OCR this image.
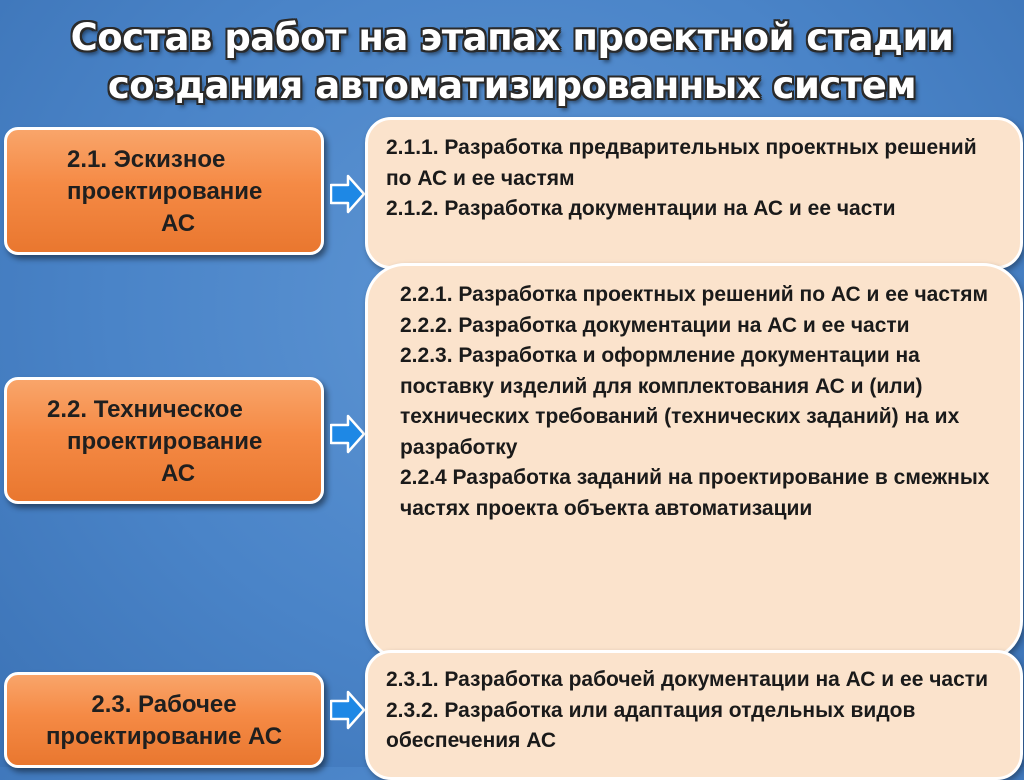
Состав работ на этапах проектной стадии
создания автоматизированных систем
2.1. Эскизное
проектирование
АС
2.2. Техническое
проектирование
АС
2.3. Рабочее
проектирование АС
2.1.1. Разработка предварительных проектных решений по АС и ее частям
2.1.2. Разработка документации на АС и ее части
2.2.1. Разработка проектных решений по АС и ее частям
2.2.2. Разработка документации на АС и ее части
2.2.3. Разработка и оформление документации на поставку изделий для комплектования АС и (или) технических требований (технических заданий) на их разработку
2.2.4 Разработка заданий на проектирование в смежных частях проекта объекта автоматизации
2.3.1. Разработка рабочей документации на АС и ее части
2.3.2. Разработка или адаптация отдельных видов обеспечения АС
